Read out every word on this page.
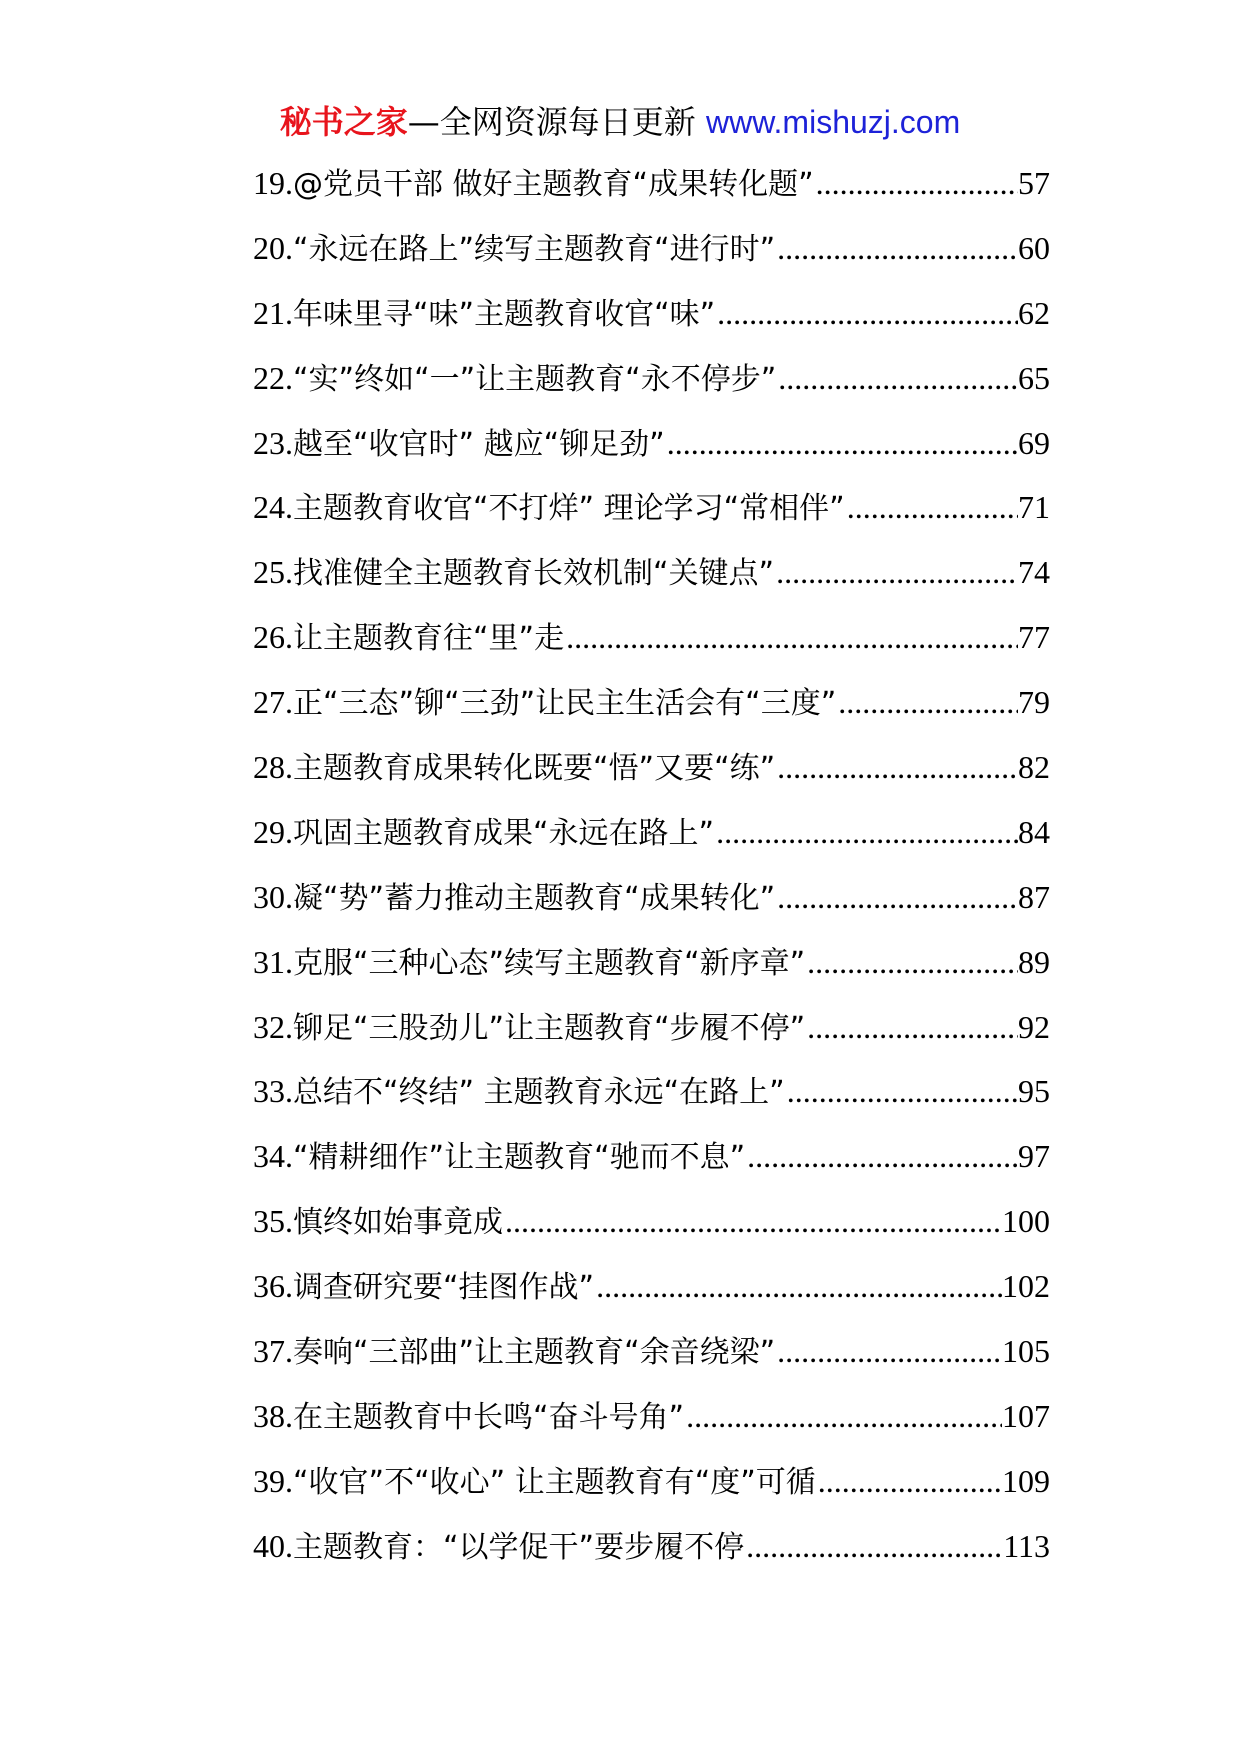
秘书之家—全网资源每日更新 www.mishuzj.com
19. @党员干部 做好主题教育“成果转化题” .....	57
20. “永远在路上”续写主题教育“进行时” .....	60
21. 年味里寻“味”主题教育收官“味” .....	62
22. “实”终如“一”让主题教育“永不停步” .....	65
23. 越至“收官时” 越应“铆足劲” .....	69
24. 主题教育收官“不打烊” 理论学习“常相伴” .....	71
25. 找准健全主题教育长效机制“关键点” .....	74
26. 让主题教育往“里”走 .....	77
27. 正“三态”铆“三劲”让民主生活会有“三度” .....	79
28. 主题教育成果转化既要“悟”又要“练” .....	82
29. 巩固主题教育成果“永远在路上” .....	84
30. 凝“势”蓄力推动主题教育“成果转化” .....	87
31. 克服“三种心态”续写主题教育“新序章” .....	89
32. 铆足“三股劲儿”让主题教育“步履不停” .....	92
33. 总结不“终结” 主题教育永远“在路上” .....	95
34. “精耕细作”让主题教育“驰而不息” .....	97
35. 慎终如始事竟成 .....	100
36. 调查研究要“挂图作战” .....	102
37. 奏响“三部曲”让主题教育“余音绕梁” .....	105
38. 在主题教育中长鸣“奋斗号角” .....	107
39. “收官”不“收心” 让主题教育有“度”可循 .....	109
40. 主题教育：“以学促干”要步履不停 .....	113
